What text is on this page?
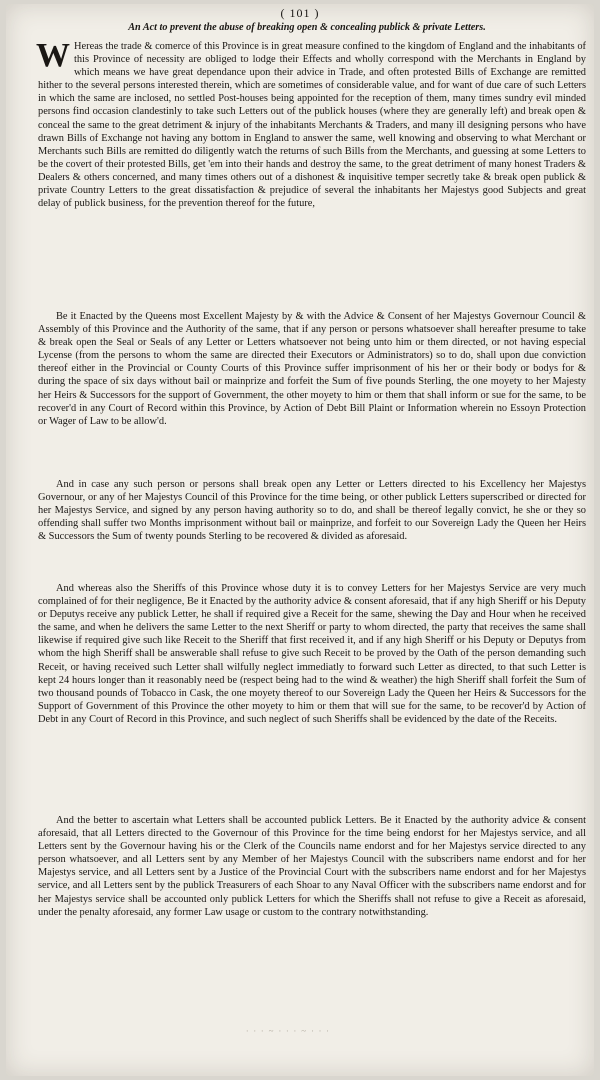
( 101 )
An Act to prevent the abuse of breaking open & concealing publick & private Letters.

W Hereas the trade & comerce of this Province is in great measure confined to the kingdom of England and the inhabitants of this Province of necessity are obliged to lodge their Effects and wholly correspond with the Merchants in England by which means we have great dependance upon their advice in Trade, and often protested Bills of Exchange are remitted hither to the several persons interested therein, which are sometimes of considerable value, and for want of due care of such Letters in which the same are inclosed, no settled Post-houses being appointed for the reception of them, many times sundry evil minded persons find occasion clandestinly to take such Letters out of the publick houses (where they are generally left) and break open & conceal the same to the great detriment & injury of the inhabitants Merchants & Traders, and many ill designing persons who have drawn Bills of Exchange not having any bottom in England to answer the same, well knowing and observing to what Merchant or Merchants such Bills are remitted do diligently watch the returns of such Bills from the Merchants, and guessing at some Letters to be the covert of their protested Bills, get 'em into their hands and destroy the same, to the great detriment of many honest Traders & Dealers & others concerned, and many times others out of a dishonest & inquisitive temper secretly take & break open publick & private Country Letters to the great dissatisfaction & prejudice of several the inhabitants her Majestys good Subjects and great delay of publick business, for the prevention thereof for the future,

Be it Enacted by the Queens most Excellent Majesty by & with the Advice & Consent of her Majestys Governour Council & Assembly of this Province and the Authority of the same, that if any person or persons whatsoever shall hereafter presume to take & break open the Seal or Seals of any Letter or Letters whatsoever not being unto him or them directed, or not having especial Lycense (from the persons to whom the same are directed their Executors or Administrators) so to do, shall upon due conviction thereof either in the Provincial or County Courts of this Province suffer imprisonment of his her or their body or bodys for & during the space of six days without bail or mainprize and forfeit the Sum of five pounds Sterling, the one moyety to her Majesty her Heirs & Successors for the support of Government, the other moyety to him or them that shall inform or sue for the same, to be recover'd in any Court of Record within this Province, by Action of Debt Bill Plaint or Information wherein no Essoyn Protection or Wager of Law to be allow'd.

And in case any such person or persons shall break open any Letter or Letters directed to his Excellency her Majestys Governour, or any of her Majestys Council of this Province for the time being, or other publick Letters superscribed or directed for her Majestys Service, and signed by any person having authority so to do, and shall be thereof legally convict, he she or they so offending shall suffer two Months imprisonment without bail or mainprize, and forfeit to our Sovereign Lady the Queen her Heirs & Successors the Sum of twenty pounds Sterling to be recovered & divided as aforesaid.

And whereas also the Sheriffs of this Province whose duty it is to convey Letters for her Majestys Service are very much complained of for their negligence, Be it Enacted by the authority advice & consent aforesaid, that if any high Sheriff or his Deputy or Deputys receive any publick Letter, he shall if required give a Receit for the same, shewing the Day and Hour when he received the same, and when he delivers the same Letter to the next Sheriff or party to whom directed, the party that receives the same shall likewise if required give such like Receit to the Sheriff that first received it, and if any high Sheriff or his Deputy or Deputys from whom the high Sheriff shall be answerable shall refuse to give such Receit to be proved by the Oath of the person demanding such Receit, or having received such Letter shall wilfully neglect immediatly to forward such Letter as directed, to that such Letter is kept 24 hours longer than it reasonably need be (respect being had to the wind & weather) the high Sheriff shall forfeit the Sum of two thousand pounds of Tobacco in Cask, the one moyety thereof to our Sovereign Lady the Queen her Heirs & Successors for the Support of Government of this Province the other moyety to him or them that will sue for the same, to be recover'd by Action of Debt in any Court of Record in this Province, and such neglect of such Sheriffs shall be evidenced by the date of the Receits.

And the better to ascertain what Letters shall be accounted publick Letters. Be it Enacted by the authority advice & consent aforesaid, that all Letters directed to the Governour of this Province for the time being endorst for her Majestys service, and all Letters sent by the Governour having his or the Clerk of the Councils name endorst and for her Majestys service directed to any person whatsoever, and all Letters sent by any Member of her Majestys Council with the subscribers name endorst and for her Majestys service, and all Letters sent by a Justice of the Provincial Court with the subscribers name endorst and for her Majestys service, and all Letters sent by the publick Treasurers of each Shoar to any Naval Officer with the subscribers name endorst and for her Majestys service shall be accounted only publick Letters for which the Sheriffs shall not refuse to give a Receit as aforesaid, under the penalty aforesaid, any former Law usage or custom to the contrary notwithstanding.

· · · ~ · · · ~ · · ·
